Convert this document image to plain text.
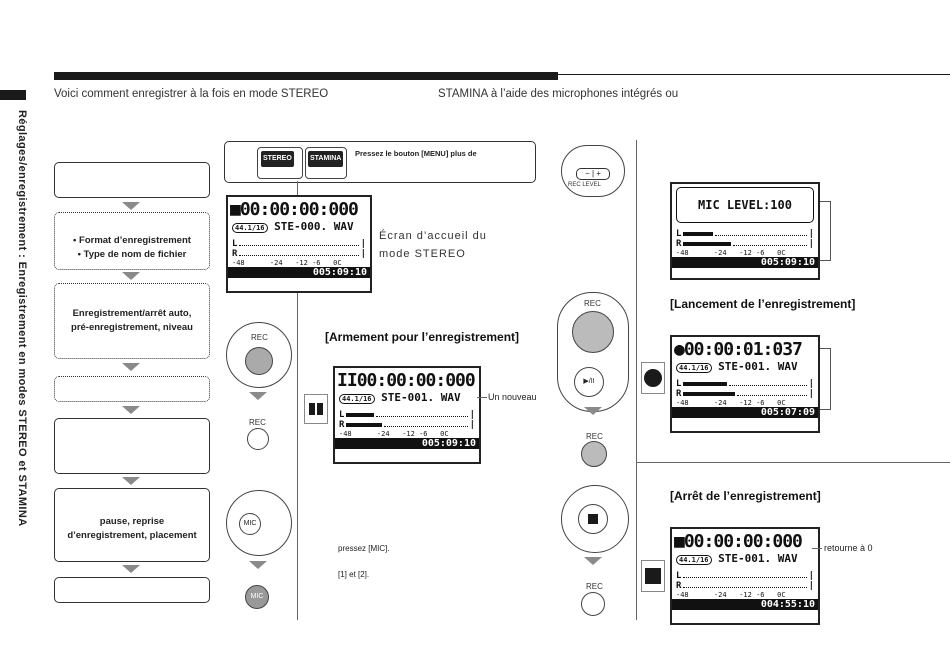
Réglages/enregistrement : Enregistrement en modes STEREO et STAMINA
Voici comment enregistrer à la fois en mode STEREO	STAMINA à l’aide des microphones intégrés ou
• Format d’enregistrement
• Type de nom de fichier
Enregistrement/arrêt auto,
pré-enregistrement, niveau
pause, reprise
d’enregistrement, placement
STEREO	STAMINA
Pressez le bouton [MENU] plus de
■00:00:00:000
44.1/16 STE-000. WAV
L	|
R	|
-48      -24   -12 -6   0C
005:09:10
Écran d’accueil du mode STEREO
REC
REC
MIC
MIC
[Armement pour l’enregistrement]
II00:00:00:000
44.1/16 STE-001. WAV
L	|
R	|
-48      -24   -12 -6   0C
005:09:10
Un nouveau
pressez [MIC].
[1] et [2].
− | +
REC LEVEL
REC
▶/II
REC
REC
MIC LEVEL:100
L	|
R	|
-48      -24   -12 -6   0C
005:09:10
[Lancement de l’enregistrement]
●00:00:01:037
44.1/16 STE-001. WAV
L	|
R	|
-48      -24   -12 -6   0C
005:07:09
[Arrêt de l’enregistrement]
■00:00:00:000
44.1/16 STE-001. WAV
L	|
R	|
-48      -24   -12 -6   0C
004:55:10
retourne à 0
